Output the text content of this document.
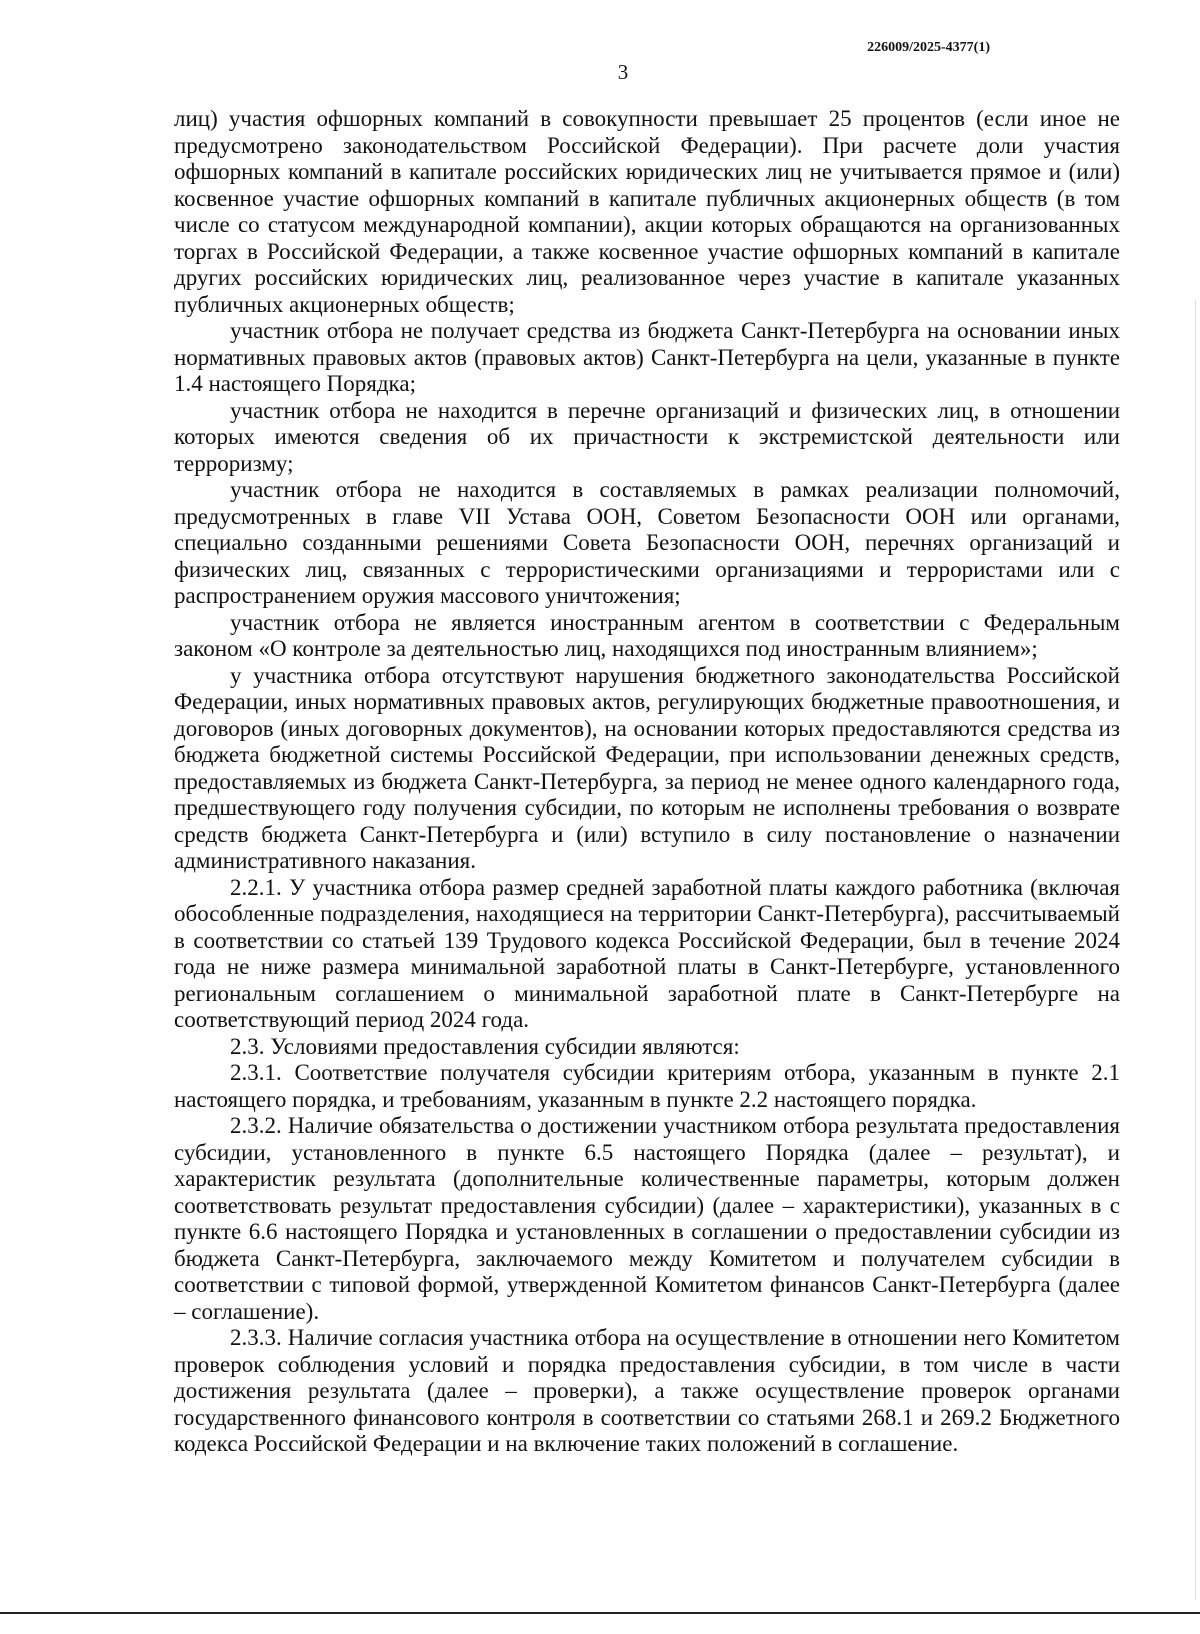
226009/2025-4377(1)
3

лиц) участия офшорных компаний в совокупности превышает 25 процентов (если иное не предусмотрено законодательством Российской Федерации). При расчете доли участия офшорных компаний в капитале российских юридических лиц не учитывается прямое и (или) косвенное участие офшорных компаний в капитале публичных акционерных обществ (в том числе со статусом международной компании), акции которых обращаются на организованных торгах в Российской Федерации, а также косвенное участие офшорных компаний в капитале других российских юридических лиц, реализованное через участие в капитале указанных публичных акционерных обществ;

участник отбора не получает средства из бюджета Санкт-Петербурга на основании иных нормативных правовых актов (правовых актов) Санкт-Петербурга на цели, указанные в пункте 1.4 настоящего Порядка;

участник отбора не находится в перечне организаций и физических лиц, в отношении которых имеются сведения об их причастности к экстремистской деятельности или терроризму;

участник отбора не находится в составляемых в рамках реализации полномочий, предусмотренных в главе VII Устава ООН, Советом Безопасности ООН или органами, специально созданными решениями Совета Безопасности ООН, перечнях организаций и физических лиц, связанных с террористическими организациями и террористами или с распространением оружия массового уничтожения;

участник отбора не является иностранным агентом в соответствии с Федеральным законом «О контроле за деятельностью лиц, находящихся под иностранным влиянием»;

у участника отбора отсутствуют нарушения бюджетного законодательства Российской Федерации, иных нормативных правовых актов, регулирующих бюджетные правоотношения, и договоров (иных договорных документов), на основании которых предоставляются средства из бюджета бюджетной системы Российской Федерации, при использовании денежных средств, предоставляемых из бюджета Санкт-Петербурга, за период не менее одного календарного года, предшествующего году получения субсидии, по которым не исполнены требования о возврате средств бюджета Санкт-Петербурга и (или) вступило в силу постановление о назначении административного наказания.

2.2.1. У участника отбора размер средней заработной платы каждого работника (включая обособленные подразделения, находящиеся на территории Санкт-Петербурга), рассчитываемый в соответствии со статьей 139 Трудового кодекса Российской Федерации, был в течение 2024 года не ниже размера минимальной заработной платы в Санкт-Петербурге, установленного региональным соглашением о минимальной заработной плате в Санкт-Петербурге на соответствующий период 2024 года.

2.3. Условиями предоставления субсидии являются:

2.3.1. Соответствие получателя субсидии критериям отбора, указанным в пункте 2.1 настоящего порядка, и требованиям, указанным в пункте 2.2 настоящего порядка.

2.3.2. Наличие обязательства о достижении участником отбора результата предоставления субсидии, установленного в пункте 6.5 настоящего Порядка (далее – результат), и характеристик результата (дополнительные количественные параметры, которым должен соответствовать результат предоставления субсидии) (далее – характеристики), указанных в с пункте 6.6 настоящего Порядка и установленных в соглашении о предоставлении субсидии из бюджета Санкт-Петербурга, заключаемого между Комитетом и получателем субсидии в соответствии с типовой формой, утвержденной Комитетом финансов Санкт-Петербурга (далее – соглашение).

2.3.3. Наличие согласия участника отбора на осуществление в отношении него Комитетом проверок соблюдения условий и порядка предоставления субсидии, в том числе в части достижения результата (далее – проверки), а также осуществление проверок органами государственного финансового контроля в соответствии со статьями 268.1 и 269.2 Бюджетного кодекса Российской Федерации и на включение таких положений в соглашение.
